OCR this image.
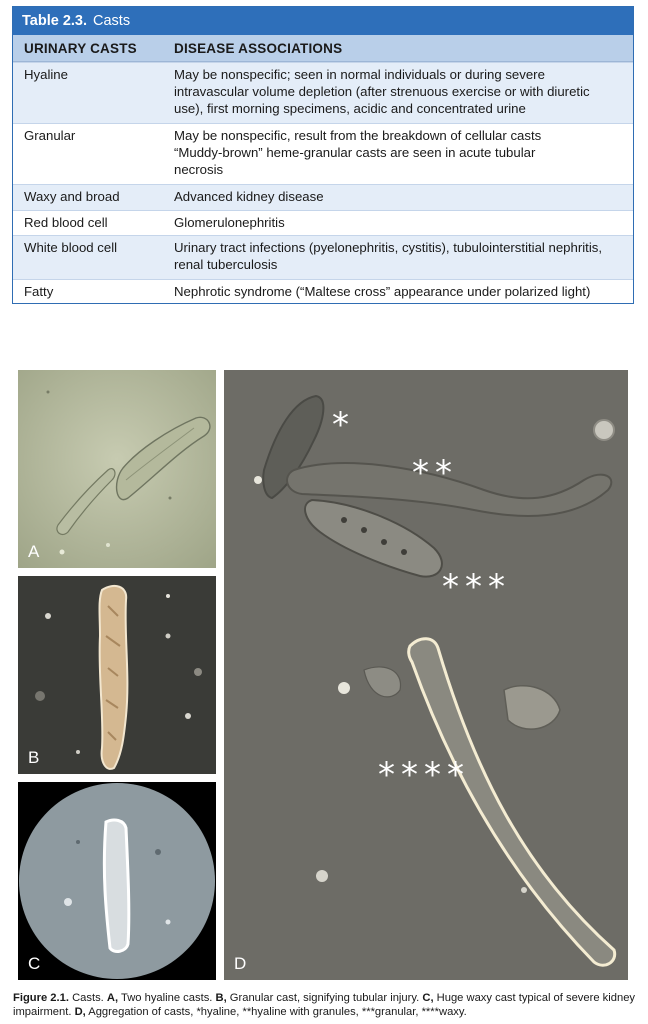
Table 2.3. Casts
URINARY CASTS	DISEASE ASSOCIATIONS
Hyaline	May be nonspecific; seen in normal individuals or during severe
intravascular volume depletion (after strenuous exercise or with diuretic
use), first morning specimens, acidic and concentrated urine
Granular	May be nonspecific, result from the breakdown of cellular casts
“Muddy-brown” heme-granular casts are seen in acute tubular
necrosis
Waxy and broad	Advanced kidney disease
Red blood cell	Glomerulonephritis
White blood cell	Urinary tract infections (pyelonephritis, cystitis), tubulointerstitial nephritis,
renal tuberculosis
Fatty	Nephrotic syndrome (“Maltese cross” appearance under polarized light)
A
B
C
*
**
***
****
D
Figure 2.1. Casts. A, Two hyaline casts. B, Granular cast, signifying tubular injury. C, Huge waxy cast typical of severe kidney impairment. D, Aggregation of casts, *hyaline, **hyaline with granules, ***granular, ****waxy.
